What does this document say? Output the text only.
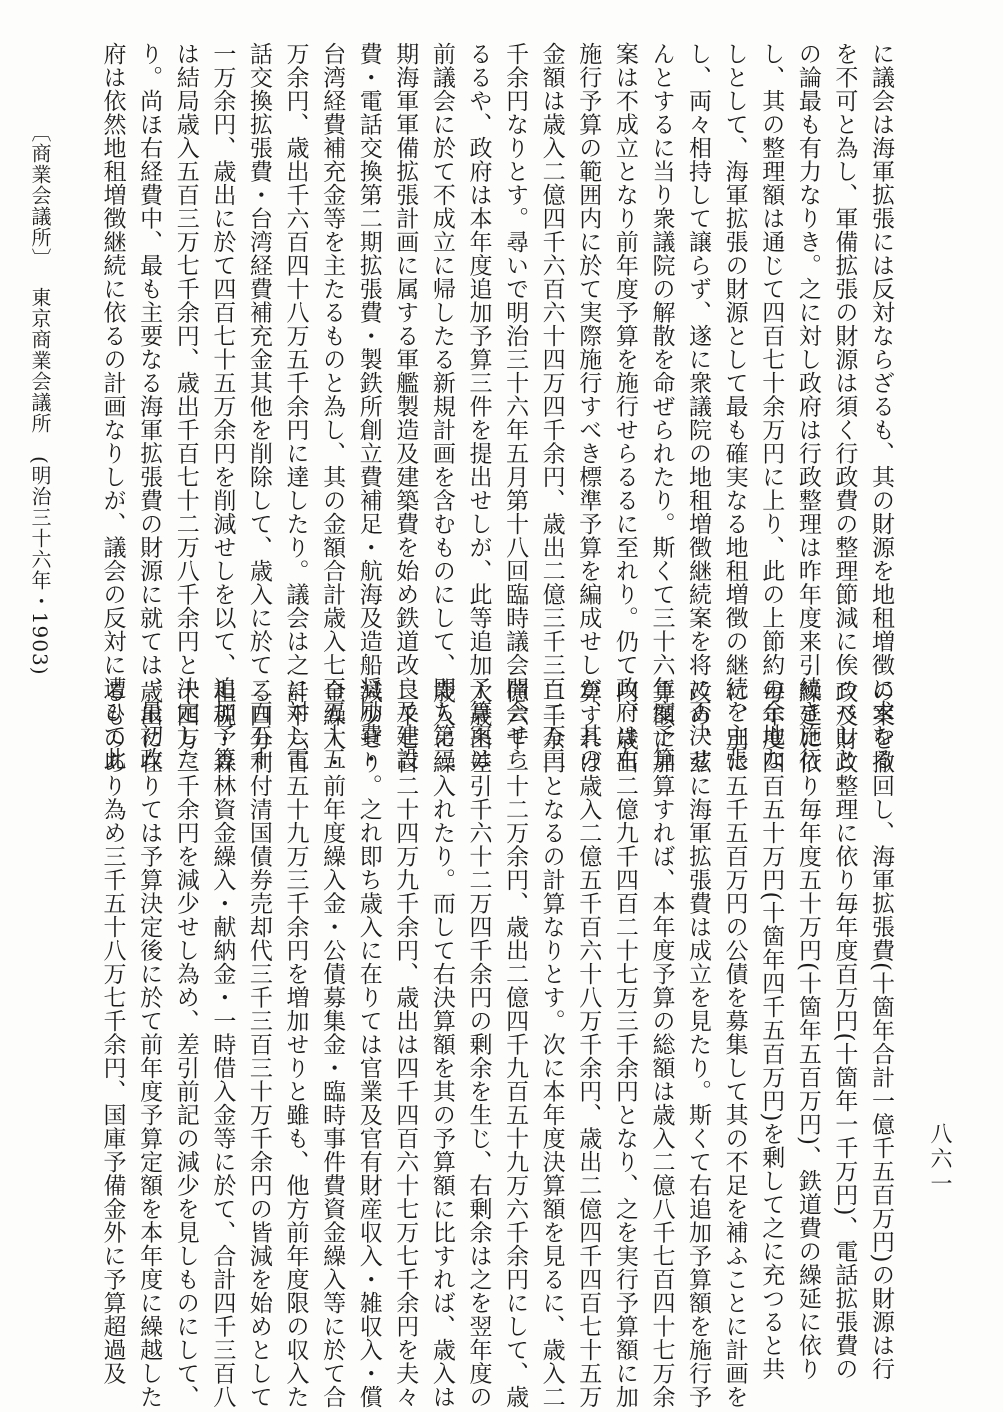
に議会は海軍拡張には反対ならざるも、其の財源を地租増徴に求むる

を不可と為し、軍備拡張の財源は須く行政費の整理節減に俟つべしと

の論最も有力なりき。之に対し政府は行政整理は昨年度来引続き施行

し、其の整理額は通じて四百七十余万円に上り、此の上節約の余地な

しとして、海軍拡張の財源として最も確実なる地租増徴の継続を主張

し、両々相持して譲らず、遂に衆議院の地租増徴継続案を将に否決せ

んとするに当り衆議院の解散を命ぜられたり。斯くて三十六年度予算

案は不成立となり前年度予算を施行せらるるに至れり。仍て政府は右

施行予算の範囲内に於て実際施行すべき標準予算を編成せしが、其の

金額は歳入二億四千六百六十四万四千余円、歳出二億三千三百二万三

千余円なりとす。尋いで明治三十六年五月第十八回臨時議会開会せら

るるや、政府は本年度追加予算三件を提出せしが、此等追加予算案は

前議会に於て不成立に帰したる新規計画を含むものにして、即ち第三

期海軍軍備拡張計画に属する軍艦製造及建築費を始め鉄道改良及建設

費・電話交換第二期拡張費・製鉄所創立費補足・航海及造船奨励費・

台湾経費補充金等を主たるものと為し、其の金額合計歳入七百五十五

万余円、歳出千六百四十八万五千余円に達したり。議会は之に対し電

話交換拡張費・台湾経費補充金其他を削除して、歳入に於て二百五十

一万余円、歳出に於て四百七十五万余円を削減せしを以て、追加予算

は結局歳入五百三万七千余円、歳出千百七十二万八千余円と決定した

り。尚ほ右経費中、最も主要なる海軍拡張費の財源に就ては、最初政

府は依然地租増徴継続に依るの計画なりしが、議会の反対に遭ひて此

の案を撤回し、海軍拡張費(十箇年合計一億千五百万円)の財源は行

政及財政整理に依り毎年度百万円(十箇年一千万円)、電話拡張費の

繰延に依り毎年度五十万円(十箇年五百万円)、鉄道費の繰延に依り

毎年度四百五十万円(十箇年四千五百万円)を剰して之に充つると共

に、別に五千五百万円の公債を募集して其の不足を補ふことに計画を

改め、茲に海軍拡張費は成立を見たり。斯くて右追加予算額を施行予

算額に加算すれば、本年度予算の総額は歳入二億八千七百四十七万余

円、歳出二億九千四百二十七万三千余円となり、之を実行予算額に加

算すれば歳入二億五千百六十八万千余円、歳出二億四千四百七十五万

二千余円となるの計算なりとす。次に本年度決算額を見るに、歳入二

億六千二十二万余円、歳出二億四千九百五十九万六千余円にして、歳

入歳出差引千六十二万四千余円の剰余を生じ、右剰余は之を翌年度の

歳入に繰入れたり。而して右決算額を其の予算額に比すれば、歳入は

二千七百二十四万九千余円、歳出は四千四百六十七万七千余円を夫々

減少せり。之れ即ち歳入に在りては官業及官有財産収入・雑収入・償

金繰入・前年度繰入金・公債募集金・臨時事件費資金繰入等に於て合

計千六百五十九万三千余円を増加せりと雖も、他方前年度限の収入た

る四分利付清国債券売却代三千三百三十万千余円の皆減を始めとして

租税・森林資金繰入・献納金・一時借入金等に於て、合計四千三百八

十四万三千余円を減少せし為め、差引前記の減少を見しものにして、

歳出に在りては予算決定後に於て前年度予算定額を本年度に繰越した

るものあり為め三千五十八万七千余円、国庫予備金外に予算超過及	八六一
〔商業会議所〕東京商業会議所(明治三十六年・1903)
